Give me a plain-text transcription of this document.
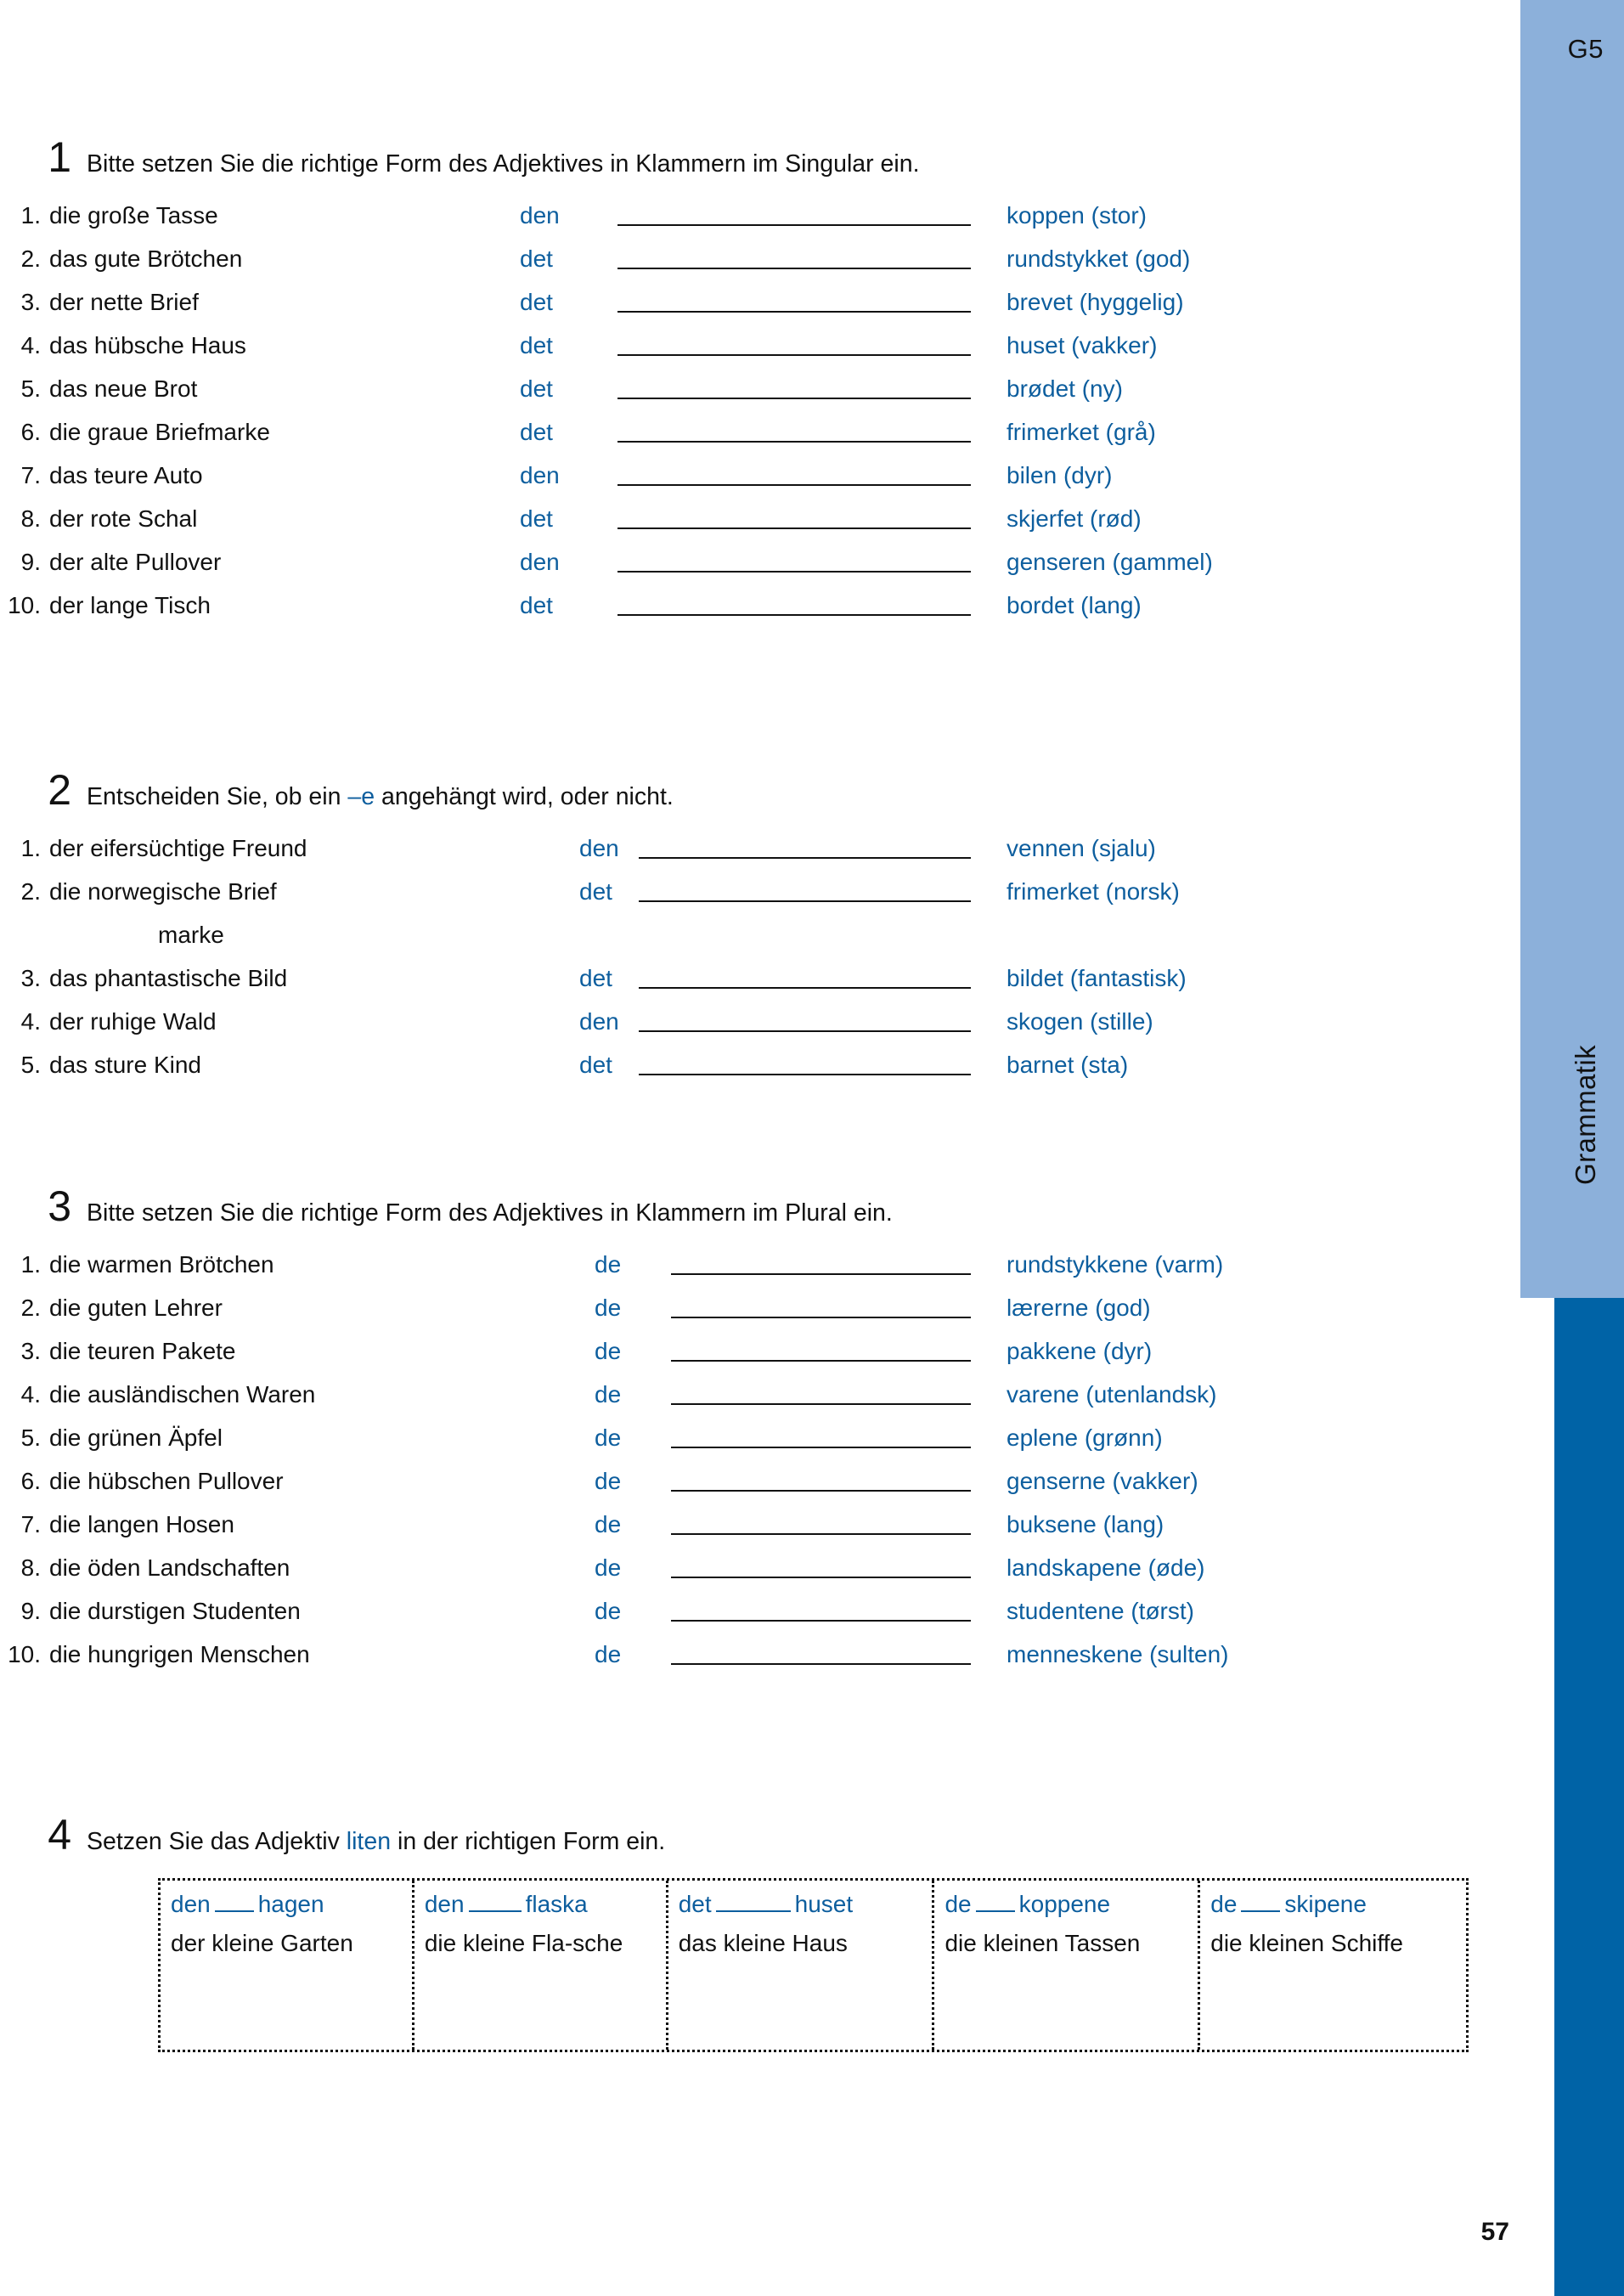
G5
Grammatik
57
1 Bitte setzen Sie die richtige Form des Adjektives in Klammern im Singular ein.
1. die große Tasse	den	koppen (stor)
2. das gute Brötchen	det	rundstykket (god)
3. der nette Brief	det	brevet (hyggelig)
4. das hübsche Haus	det	huset (vakker)
5. das neue Brot	det	brødet (ny)
6. die graue Briefmarke	det	frimerket (grå)
7. das teure Auto	den	bilen (dyr)
8. der rote Schal	det	skjerfet (rød)
9. der alte Pullover	den	genseren (gammel)
10. der lange Tisch	det	bordet (lang)
2 Entscheiden Sie, ob ein –e angehängt wird, oder nicht.
1. der eifersüchtige Freund	den	vennen (sjalu)
2. die norwegische Brief	det	frimerket (norsk)
marke
3. das phantastische Bild	det	bildet (fantastisk)
4. der ruhige Wald	den	skogen (stille)
5. das sture Kind	det	barnet (sta)
3 Bitte setzen Sie die richtige Form des Adjektives in Klammern im Plural ein.
1. die warmen Brötchen	de	rundstykkene (varm)
2. die guten Lehrer	de	lærerne (god)
3. die teuren Pakete	de	pakkene (dyr)
4. die ausländischen Waren	de	varene (utenlandsk)
5. die grünen Äpfel	de	eplene (grønn)
6. die hübschen Pullover	de	genserne (vakker)
7. die langen Hosen	de	buksene (lang)
8. die öden Landschaften	de	landskapene (øde)
9. die durstigen Studenten	de	studentene (tørst)
10. die hungrigen Menschen	de	menneskene (sulten)
4 Setzen Sie das Adjektiv liten in der richtigen Form ein.
den hagen
der kleine Garten
den	flaska
die kleine Fla-sche
det	huset
das kleine Haus
de koppene
die kleinen Tassen
de skipene
die kleinen Schiffe
